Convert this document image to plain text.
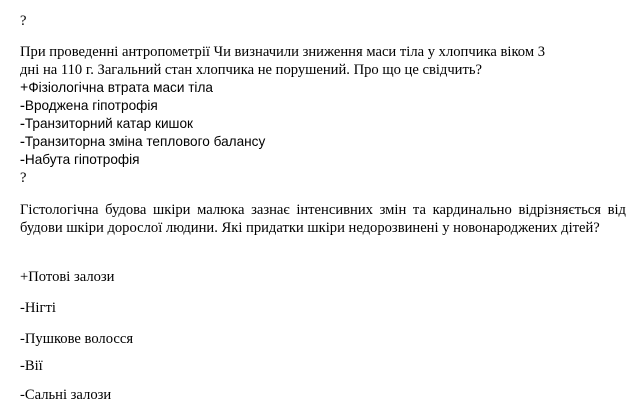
?
При проведенні антропометрії Чи визначили зниження маси тіла у хлопчика віком 3
дні на 110 г. Загальний стан хлопчика не порушений. Про що це свідчить?
+Фізіологічна втрата маси тіла
-Вроджена гіпотрофія
-Транзиторний катар кишок
-Транзиторна зміна теплового балансу
-Набута гіпотрофія
?
Гістологічна будова шкіри малюка зазнає інтенсивних змін та кардинально відрізняється від будови шкіри дорослої людини. Які придатки шкіри недорозвинені у новонароджених дітей?
+Потові залози
-Нігті
-Пушкове волосся
-Вії
-Сальні залози
